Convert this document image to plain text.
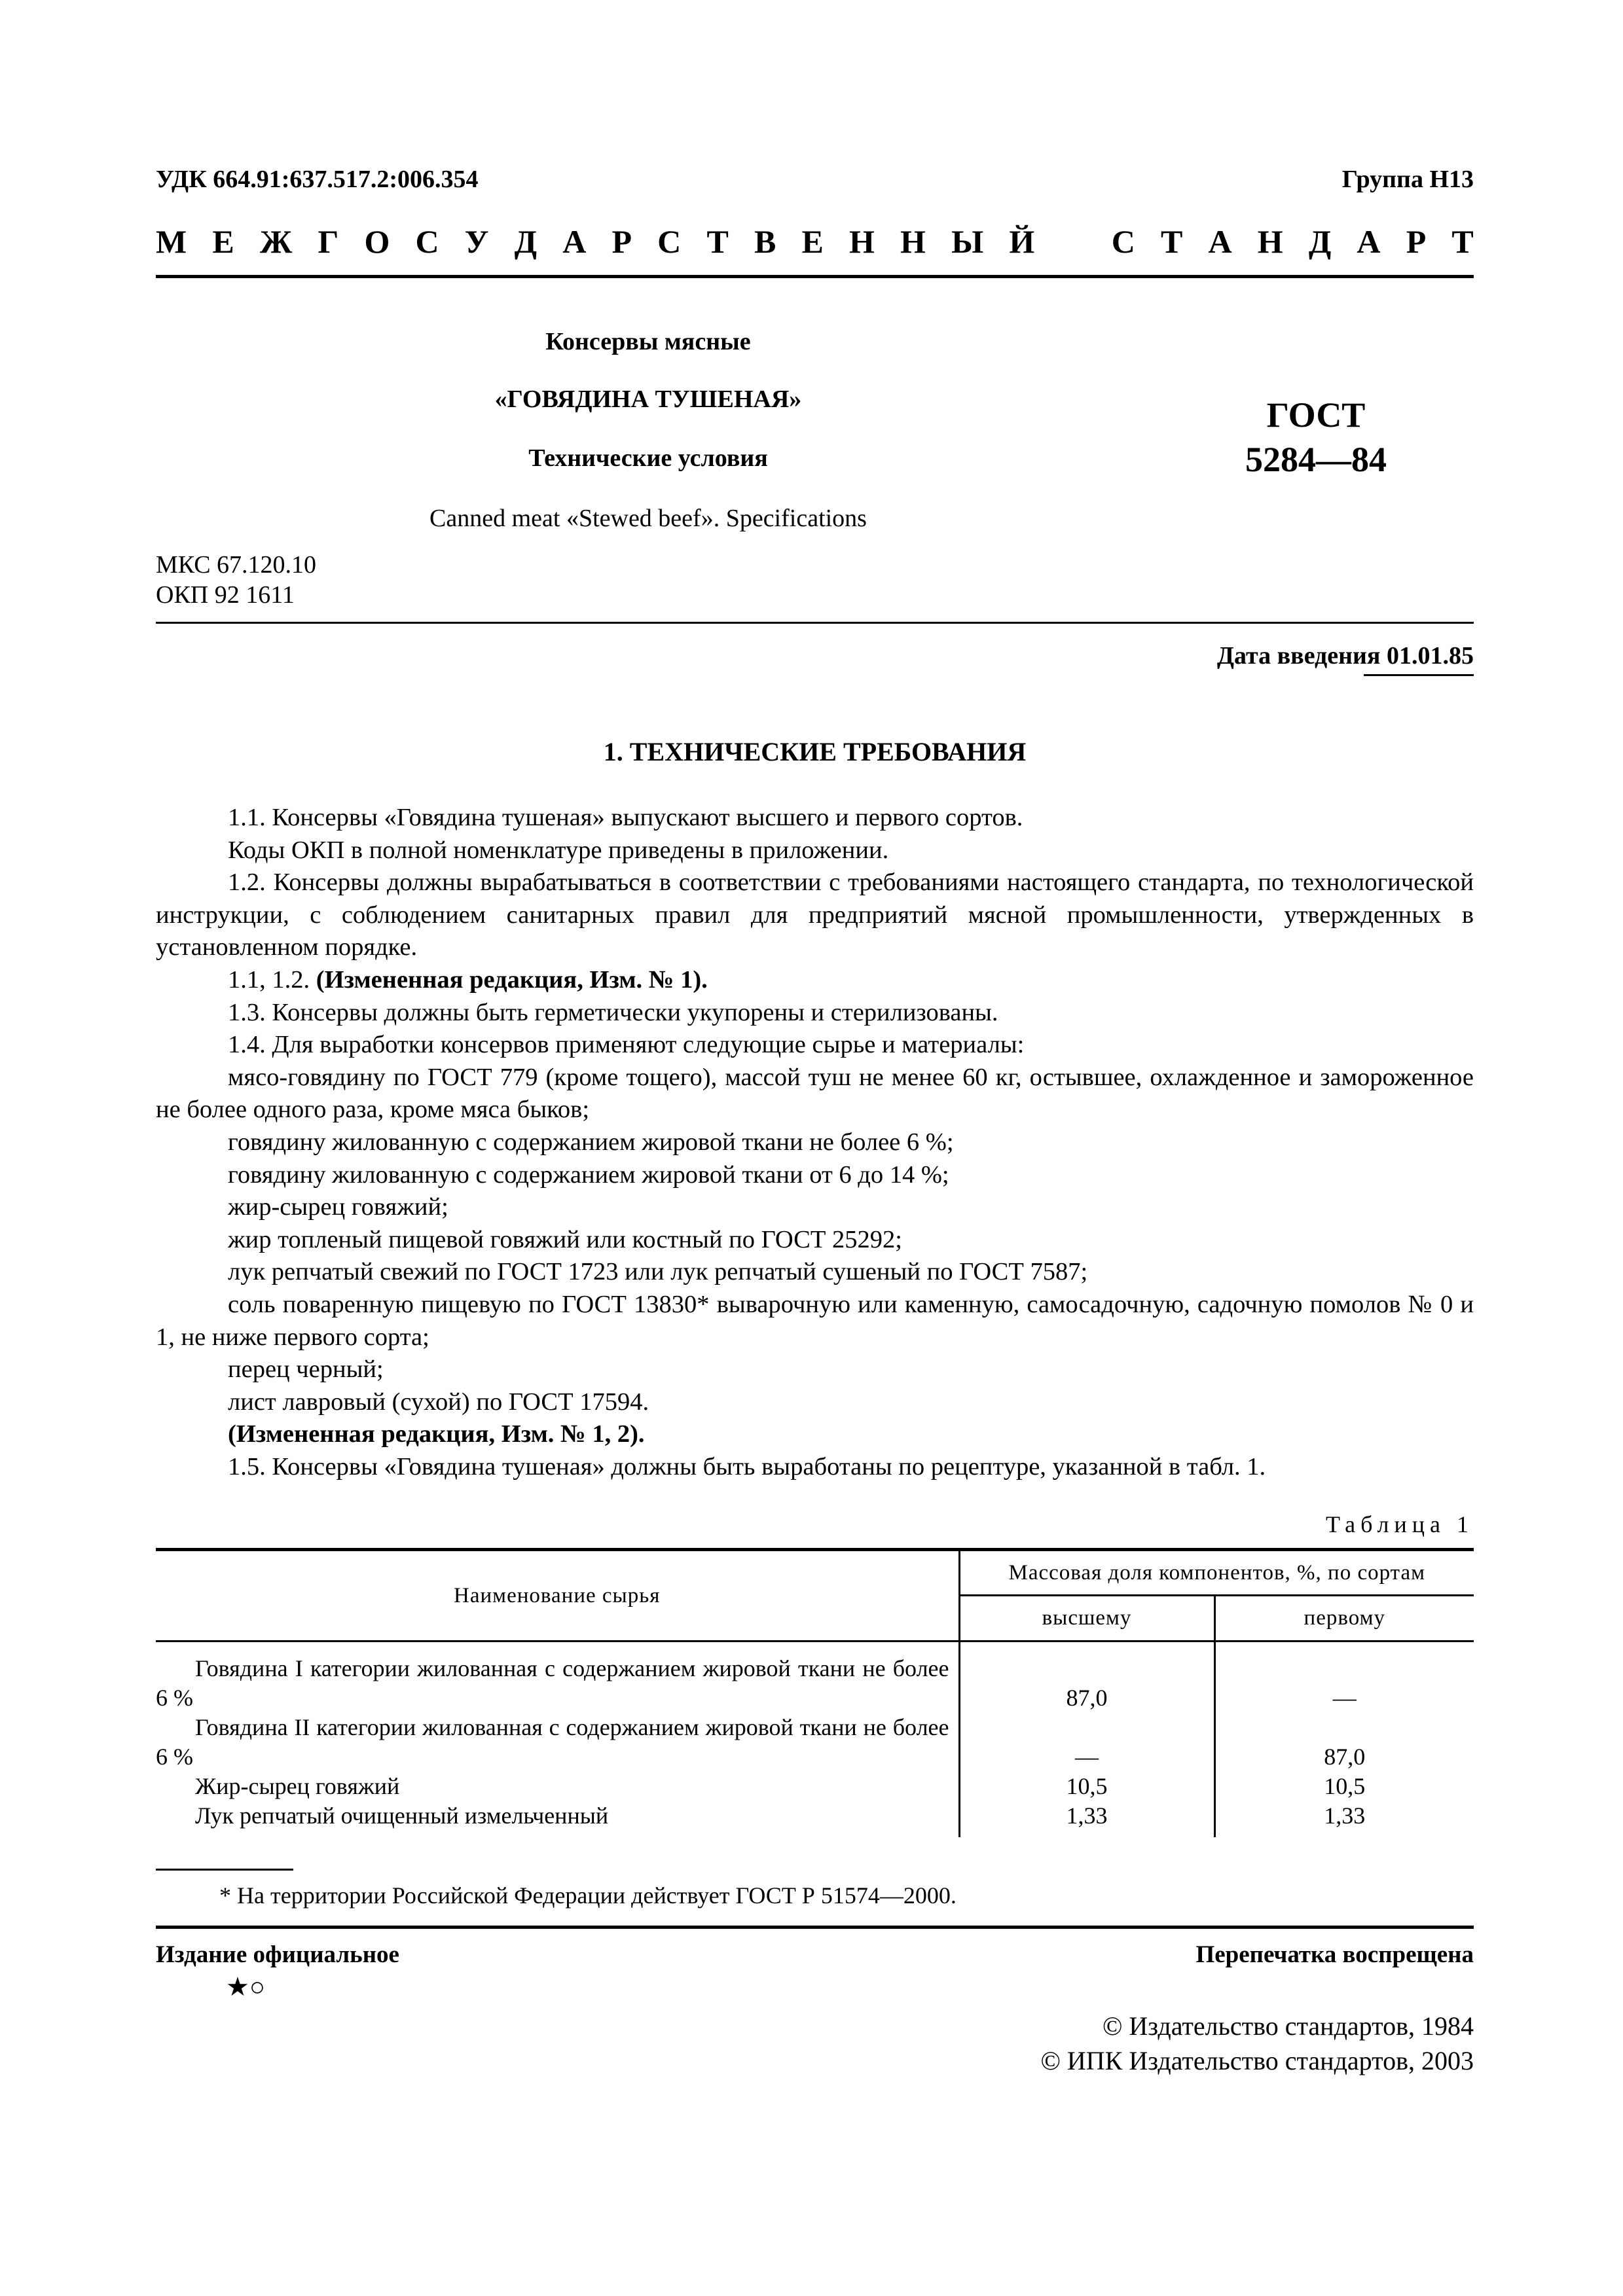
УДК 664.91:637.517.2:006.354	Группа Н13
М Е Ж Г О С У Д А Р С Т В Е Н Н Ы Й С Т А Н Д А Р Т
Консервы мясные
«ГОВЯДИНА ТУШЕНАЯ»
Технические условия
ГОСТ
5284—84
Canned meat «Stewed beef». Specifications
МКС 67.120.10
ОКП 92 1611
Дата введения 01.01.85
1. ТЕХНИЧЕСКИЕ ТРЕБОВАНИЯ

1.1. Консервы «Говядина тушеная» выпускают высшего и первого сортов.

Коды ОКП в полной номенклатуре приведены в приложении.

1.2. Консервы должны вырабатываться в соответствии с требованиями настоящего стандарта, по технологической инструкции, с соблюдением санитарных правил для предприятий мясной промышленности, утвержденных в установленном порядке.

1.1, 1.2. (Измененная редакция, Изм. № 1).

1.3. Консервы должны быть герметически укупорены и стерилизованы.

1.4. Для выработки консервов применяют следующие сырье и материалы:

мясо-говядину по ГОСТ 779 (кроме тощего), массой туш не менее 60 кг, остывшее, охлажденное и замороженное не более одного раза, кроме мяса быков;

говядину жилованную с содержанием жировой ткани не более 6 %;

говядину жилованную с содержанием жировой ткани от 6 до 14 %;

жир-сырец говяжий;

жир топленый пищевой говяжий или костный по ГОСТ 25292;

лук репчатый свежий по ГОСТ 1723 или лук репчатый сушеный по ГОСТ 7587;

соль поваренную пищевую по ГОСТ 13830* выварочную или каменную, самосадочную, садочную помолов № 0 и 1, не ниже первого сорта;

перец черный;

лист лавровый (сухой) по ГОСТ 17594.

(Измененная редакция, Изм. № 1, 2).

1.5. Консервы «Говядина тушеная» должны быть выработаны по рецептуре, указанной в табл. 1.

Таблица 1
Наименование сырья	Массовая доля компонентов, %, по сортам	
	высшему	первому
Говядина I категории жилованная с содержанием жировой ткани не более 6 %	87,0	—
Говядина II категории жилованная с содержанием жировой ткани не более 6 %	—	87,0
Жир-сырец говяжий	10,5	10,5
Лук репчатый очищенный измельченный	1,33	1,33
* На территории Российской Федерации действует ГОСТ Р 51574—2000.
Издание официальное
★○
Перепечатка воспрещена
© Издательство стандартов, 1984
© ИПК Издательство стандартов, 2003
